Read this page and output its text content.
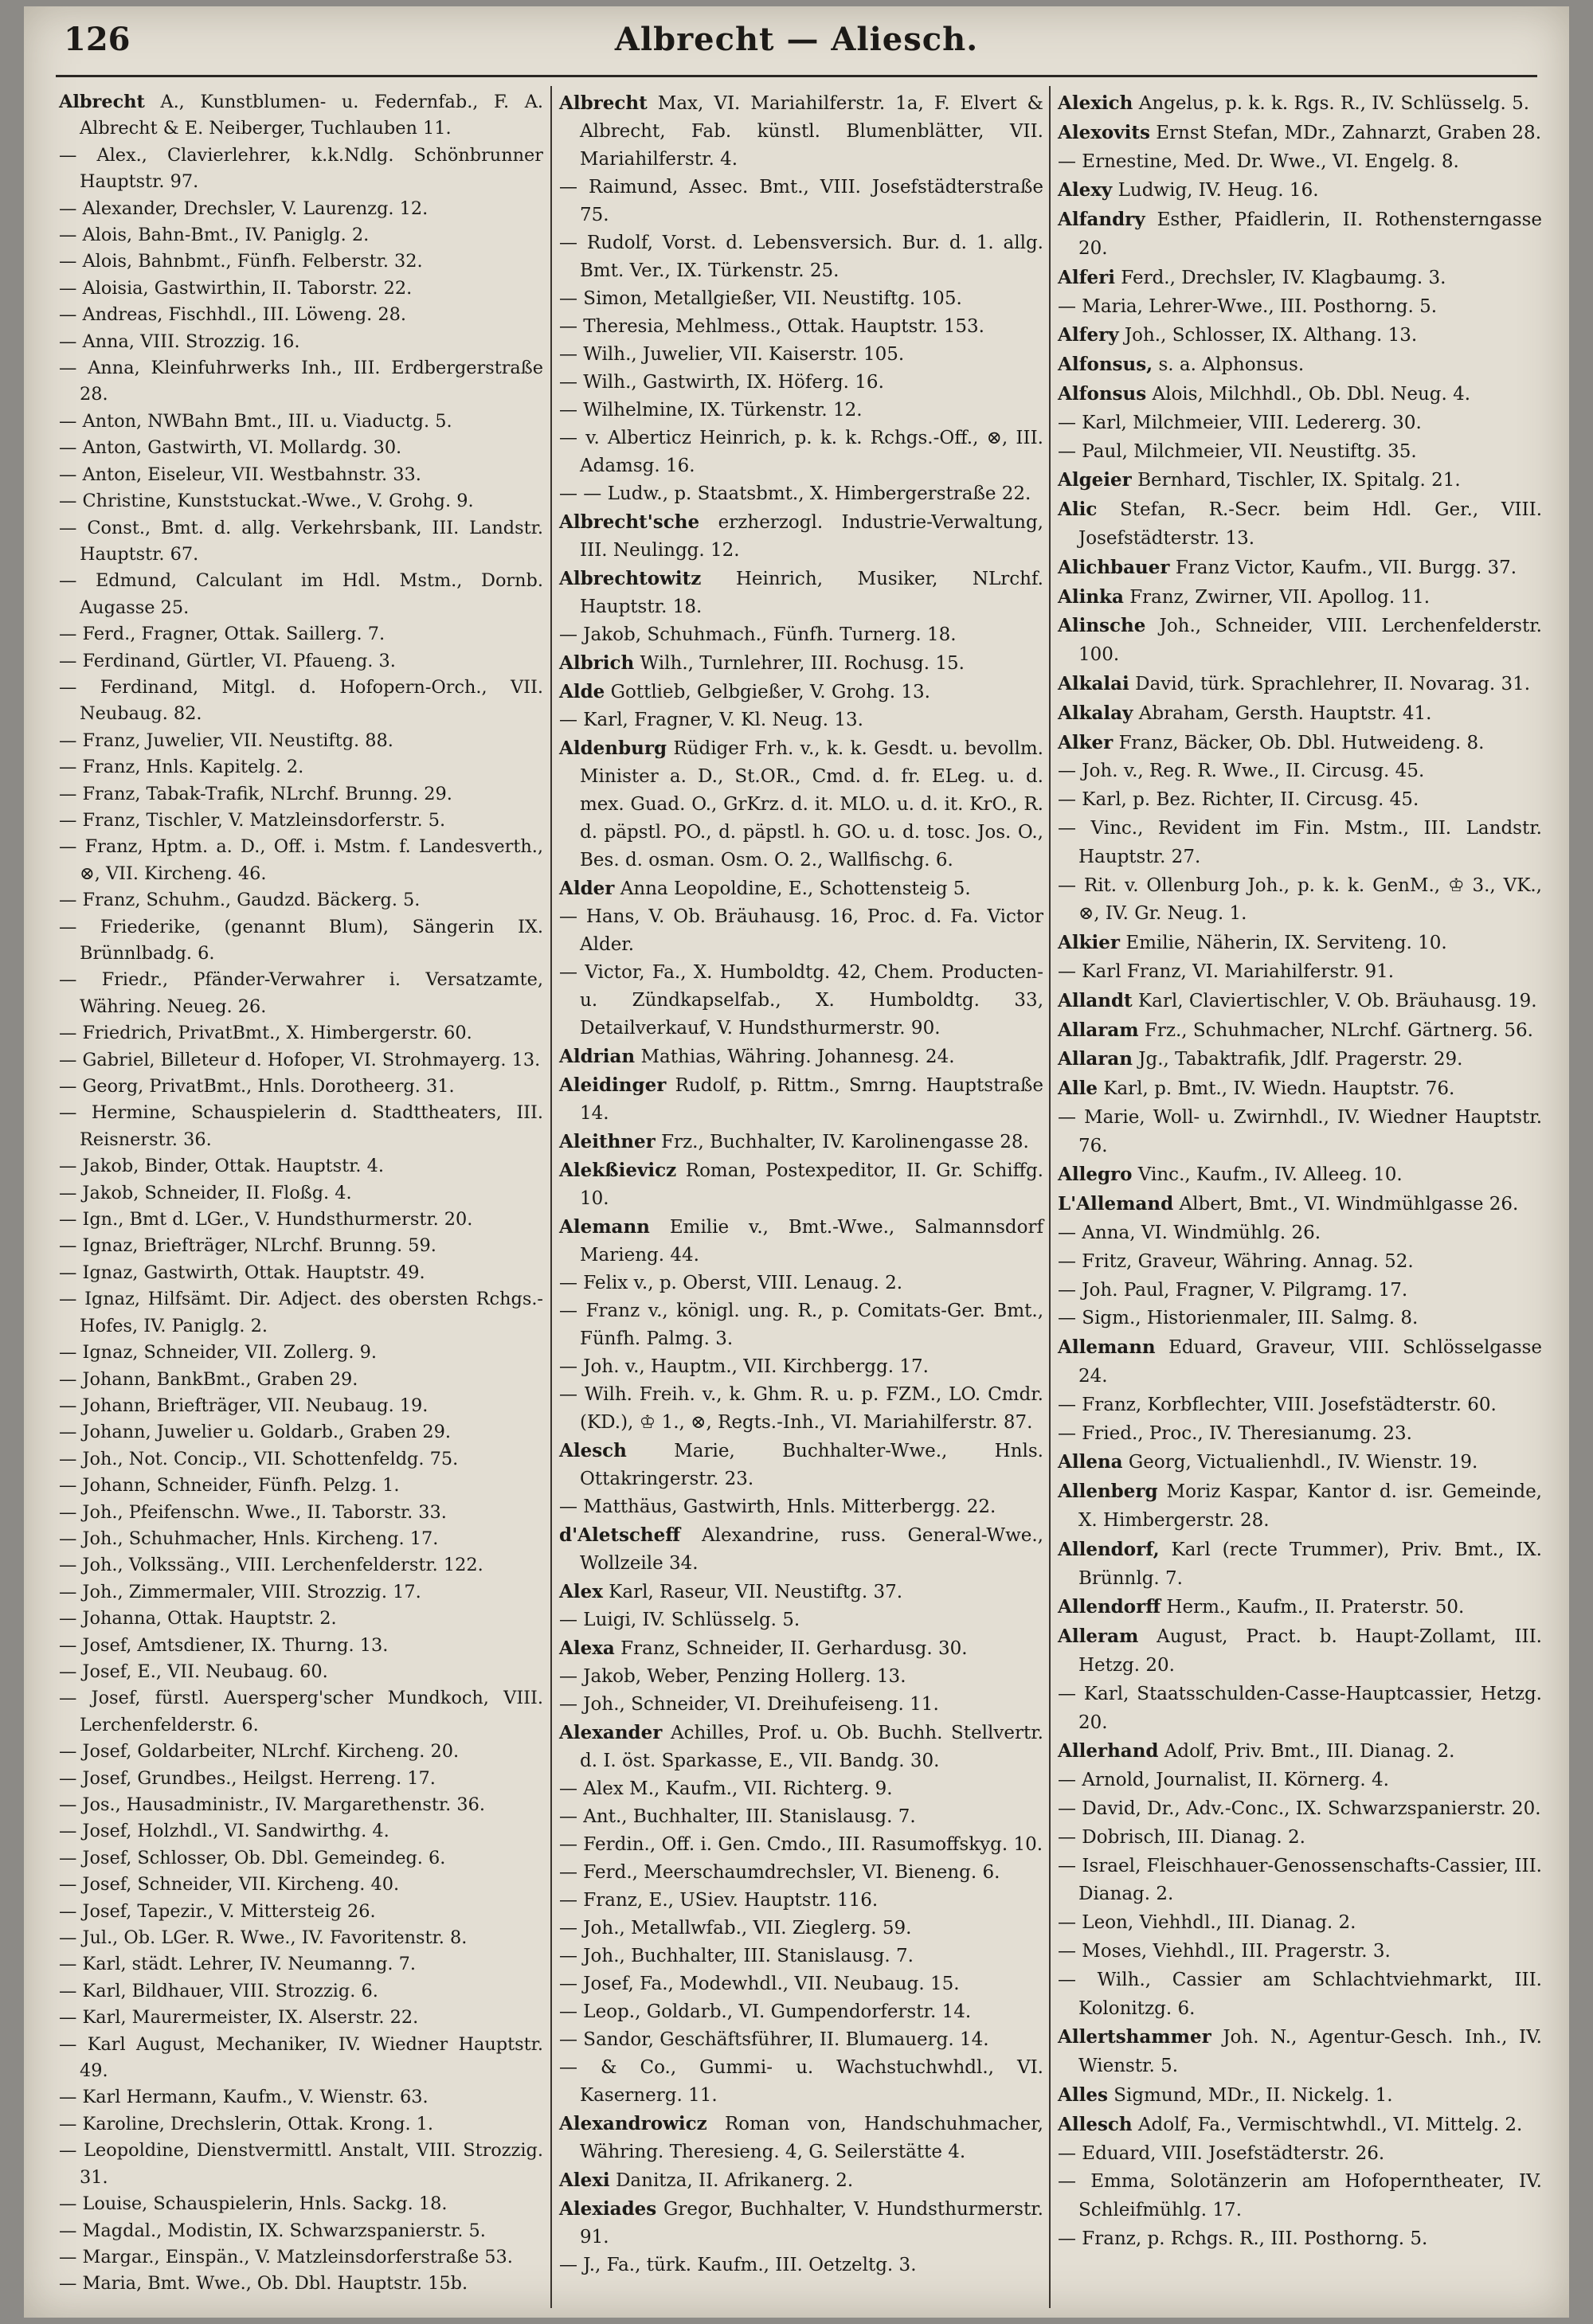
126	Albrecht — Aliesch.
Albrecht A., Kunstblumen- u. Federnfab., F. A. Albrecht & E. Neiberger, Tuchlauben 11.
— Alex., Clavierlehrer, k.k.Ndlg. Schönbrunner Hauptstr. 97.
— Alexander, Drechsler, V. Laurenzg. 12.
— Alois, Bahn-Bmt., IV. Paniglg. 2.
— Alois, Bahnbmt., Fünfh. Felberstr. 32.
— Aloisia, Gastwirthin, II. Taborstr. 22.
— Andreas, Fischhdl., III. Löweng. 28.
— Anna, VIII. Strozzig. 16.
— Anna, Kleinfuhrwerks Inh., III. Erdbergerstraße 28.
— Anton, NWBahn Bmt., III. u. Viaductg. 5.
— Anton, Gastwirth, VI. Mollardg. 30.
— Anton, Eiseleur, VII. Westbahnstr. 33.
— Christine, Kunststuckat.-Wwe., V. Grohg. 9.
— Const., Bmt. d. allg. Verkehrsbank, III. Landstr. Hauptstr. 67.
— Edmund, Calculant im Hdl. Mstm., Dornb. Augasse 25.
— Ferd., Fragner, Ottak. Saillerg. 7.
— Ferdinand, Gürtler, VI. Pfaueng. 3.
— Ferdinand, Mitgl. d. Hofopern-Orch., VII. Neubaug. 82.
— Franz, Juwelier, VII. Neustiftg. 88.
— Franz, Hnls. Kapitelg. 2.
— Franz, Tabak-Trafik, NLrchf. Brunng. 29.
— Franz, Tischler, V. Matzleinsdorferstr. 5.
— Franz, Hptm. a. D., Off. i. Mstm. f. Landesverth., ⊗, VII. Kircheng. 46.
— Franz, Schuhm., Gaudzd. Bäckerg. 5.
— Friederike, (genannt Blum), Sängerin IX. Brünnlbadg. 6.
— Friedr., Pfänder-Verwahrer i. Versatzamte, Währing. Neueg. 26.
— Friedrich, PrivatBmt., X. Himbergerstr. 60.
— Gabriel, Billeteur d. Hofoper, VI. Strohmayerg. 13.
— Georg, PrivatBmt., Hnls. Dorotheerg. 31.
— Hermine, Schauspielerin d. Stadttheaters, III. Reisnerstr. 36.
— Jakob, Binder, Ottak. Hauptstr. 4.
— Jakob, Schneider, II. Floßg. 4.
— Ign., Bmt d. LGer., V. Hundsthurmerstr. 20.
— Ignaz, Briefträger, NLrchf. Brunng. 59.
— Ignaz, Gastwirth, Ottak. Hauptstr. 49.
— Ignaz, Hilfsämt. Dir. Adject. des obersten Rchgs.-Hofes, IV. Paniglg. 2.
— Ignaz, Schneider, VII. Zollerg. 9.
— Johann, BankBmt., Graben 29.
— Johann, Briefträger, VII. Neubaug. 19.
— Johann, Juwelier u. Goldarb., Graben 29.
— Joh., Not. Concip., VII. Schottenfeldg. 75.
— Johann, Schneider, Fünfh. Pelzg. 1.
— Joh., Pfeifenschn. Wwe., II. Taborstr. 33.
— Joh., Schuhmacher, Hnls. Kircheng. 17.
— Joh., Volkssäng., VIII. Lerchenfelderstr. 122.
— Joh., Zimmermaler, VIII. Strozzig. 17.
— Johanna, Ottak. Hauptstr. 2.
— Josef, Amtsdiener, IX. Thurng. 13.
— Josef, E., VII. Neubaug. 60.
— Josef, fürstl. Auersperg'scher Mundkoch, VIII. Lerchenfelderstr. 6.
— Josef, Goldarbeiter, NLrchf. Kircheng. 20.
— Josef, Grundbes., Heilgst. Herreng. 17.
— Jos., Hausadministr., IV. Margarethenstr. 36.
— Josef, Holzhdl., VI. Sandwirthg. 4.
— Josef, Schlosser, Ob. Dbl. Gemeindeg. 6.
— Josef, Schneider, VII. Kircheng. 40.
— Josef, Tapezir., V. Mittersteig 26.
— Jul., Ob. LGer. R. Wwe., IV. Favoritenstr. 8.
— Karl, städt. Lehrer, IV. Neumanng. 7.
— Karl, Bildhauer, VIII. Strozzig. 6.
— Karl, Maurermeister, IX. Alserstr. 22.
— Karl August, Mechaniker, IV. Wiedner Hauptstr. 49.
— Karl Hermann, Kaufm., V. Wienstr. 63.
— Karoline, Drechslerin, Ottak. Krong. 1.
— Leopoldine, Dienstvermittl. Anstalt, VIII. Strozzig. 31.
— Louise, Schauspielerin, Hnls. Sackg. 18.
— Magdal., Modistin, IX. Schwarzspanierstr. 5.
— Margar., Einspän., V. Matzleinsdorferstraße 53.
— Maria, Bmt. Wwe., Ob. Dbl. Hauptstr. 15b.
Albrecht Max, VI. Mariahilferstr. 1a, F. Elvert & Albrecht, Fab. künstl. Blumenblätter, VII. Mariahilferstr. 4.
— Raimund, Assec. Bmt., VIII. Josefstädterstraße 75.
— Rudolf, Vorst. d. Lebensversich. Bur. d. 1. allg. Bmt. Ver., IX. Türkenstr. 25.
— Simon, Metallgießer, VII. Neustiftg. 105.
— Theresia, Mehlmess., Ottak. Hauptstr. 153.
— Wilh., Juwelier, VII. Kaiserstr. 105.
— Wilh., Gastwirth, IX. Höferg. 16.
— Wilhelmine, IX. Türkenstr. 12.
— v. Alberticz Heinrich, p. k. k. Rchgs.-Off., ⊗, III. Adamsg. 16.
— — Ludw., p. Staatsbmt., X. Himbergerstraße 22.
Albrecht'sche erzherzogl. Industrie-Verwaltung, III. Neulingg. 12.
Albrechtowitz Heinrich, Musiker, NLrchf. Hauptstr. 18.
— Jakob, Schuhmach., Fünfh. Turnerg. 18.
Albrich Wilh., Turnlehrer, III. Rochusg. 15.
Alde Gottlieb, Gelbgießer, V. Grohg. 13.
— Karl, Fragner, V. Kl. Neug. 13.
Aldenburg Rüdiger Frh. v., k. k. Gesdt. u. bevollm. Minister a. D., St.OR., Cmd. d. fr. ELeg. u. d. mex. Guad. O., GrKrz. d. it. MLO. u. d. it. KrO., R. d. päpstl. PO., d. päpstl. h. GO. u. d. tosc. Jos. O., Bes. d. osman. Osm. O. 2., Wallfischg. 6.
Alder Anna Leopoldine, E., Schottensteig 5.
— Hans, V. Ob. Bräuhausg. 16, Proc. d. Fa. Victor Alder.
— Victor, Fa., X. Humboldtg. 42, Chem. Producten- u. Zündkapselfab., X. Humboldtg. 33, Detailverkauf, V. Hundsthurmerstr. 90.
Aldrian Mathias, Währing. Johannesg. 24.
Aleidinger Rudolf, p. Rittm., Smrng. Hauptstraße 14.
Aleithner Frz., Buchhalter, IV. Karolinengasse 28.
Alekßievicz Roman, Postexpeditor, II. Gr. Schiffg. 10.
Alemann Emilie v., Bmt.-Wwe., Salmannsdorf Marieng. 44.
— Felix v., p. Oberst, VIII. Lenaug. 2.
— Franz v., königl. ung. R., p. Comitats-Ger. Bmt., Fünfh. Palmg. 3.
— Joh. v., Hauptm., VII. Kirchbergg. 17.
— Wilh. Freih. v., k. Ghm. R. u. p. FZM., LO. Cmdr. (KD.), ♔ 1., ⊗, Regts.-Inh., VI. Mariahilferstr. 87.
Alesch Marie, Buchhalter-Wwe., Hnls. Ottakringerstr. 23.
— Matthäus, Gastwirth, Hnls. Mitterbergg. 22.
d'Aletscheff Alexandrine, russ. General-Wwe., Wollzeile 34.
Alex Karl, Raseur, VII. Neustiftg. 37.
— Luigi, IV. Schlüsselg. 5.
Alexa Franz, Schneider, II. Gerhardusg. 30.
— Jakob, Weber, Penzing Hollerg. 13.
— Joh., Schneider, VI. Dreihufeiseng. 11.
Alexander Achilles, Prof. u. Ob. Buchh. Stellvertr. d. I. öst. Sparkasse, E., VII. Bandg. 30.
— Alex M., Kaufm., VII. Richterg. 9.
— Ant., Buchhalter, III. Stanislausg. 7.
— Ferdin., Off. i. Gen. Cmdo., III. Rasumoffskyg. 10.
— Ferd., Meerschaumdrechsler, VI. Bieneng. 6.
— Franz, E., USiev. Hauptstr. 116.
— Joh., Metallwfab., VII. Zieglerg. 59.
— Joh., Buchhalter, III. Stanislausg. 7.
— Josef, Fa., Modewhdl., VII. Neubaug. 15.
— Leop., Goldarb., VI. Gumpendorferstr. 14.
— Sandor, Geschäftsführer, II. Blumauerg. 14.
— & Co., Gummi- u. Wachstuchwhdl., VI. Kasernerg. 11.
Alexandrowicz Roman von, Handschuhmacher, Währing. Theresieng. 4, G. Seilerstätte 4.
Alexi Danitza, II. Afrikanerg. 2.
Alexiades Gregor, Buchhalter, V. Hundsthurmerstr. 91.
— J., Fa., türk. Kaufm., III. Oetzeltg. 3.
Alexich Angelus, p. k. k. Rgs. R., IV. Schlüsselg. 5.
Alexovits Ernst Stefan, MDr., Zahnarzt, Graben 28.
— Ernestine, Med. Dr. Wwe., VI. Engelg. 8.
Alexy Ludwig, IV. Heug. 16.
Alfandry Esther, Pfaidlerin, II. Rothensterngasse 20.
Alferi Ferd., Drechsler, IV. Klagbaumg. 3.
— Maria, Lehrer-Wwe., III. Posthorng. 5.
Alfery Joh., Schlosser, IX. Althang. 13.
Alfonsus, s. a. Alphonsus.
Alfonsus Alois, Milchhdl., Ob. Dbl. Neug. 4.
— Karl, Milchmeier, VIII. Ledererg. 30.
— Paul, Milchmeier, VII. Neustiftg. 35.
Algeier Bernhard, Tischler, IX. Spitalg. 21.
Alic Stefan, R.-Secr. beim Hdl. Ger., VIII. Josefstädterstr. 13.
Alichbauer Franz Victor, Kaufm., VII. Burgg. 37.
Alinka Franz, Zwirner, VII. Apollog. 11.
Alinsche Joh., Schneider, VIII. Lerchenfelderstr. 100.
Alkalai David, türk. Sprachlehrer, II. Novarag. 31.
Alkalay Abraham, Gersth. Hauptstr. 41.
Alker Franz, Bäcker, Ob. Dbl. Hutweideng. 8.
— Joh. v., Reg. R. Wwe., II. Circusg. 45.
— Karl, p. Bez. Richter, II. Circusg. 45.
— Vinc., Revident im Fin. Mstm., III. Landstr. Hauptstr. 27.
— Rit. v. Ollenburg Joh., p. k. k. GenM., ♔ 3., VK., ⊗, IV. Gr. Neug. 1.
Alkier Emilie, Näherin, IX. Serviteng. 10.
— Karl Franz, VI. Mariahilferstr. 91.
Allandt Karl, Claviertischler, V. Ob. Bräuhausg. 19.
Allaram Frz., Schuhmacher, NLrchf. Gärtnerg. 56.
Allaran Jg., Tabaktrafik, Jdlf. Pragerstr. 29.
Alle Karl, p. Bmt., IV. Wiedn. Hauptstr. 76.
— Marie, Woll- u. Zwirnhdl., IV. Wiedner Hauptstr. 76.
Allegro Vinc., Kaufm., IV. Alleeg. 10.
L'Allemand Albert, Bmt., VI. Windmühlgasse 26.
— Anna, VI. Windmühlg. 26.
— Fritz, Graveur, Währing. Annag. 52.
— Joh. Paul, Fragner, V. Pilgramg. 17.
— Sigm., Historienmaler, III. Salmg. 8.
Allemann Eduard, Graveur, VIII. Schlösselgasse 24.
— Franz, Korbflechter, VIII. Josefstädterstr. 60.
— Fried., Proc., IV. Theresianumg. 23.
Allena Georg, Victualienhdl., IV. Wienstr. 19.
Allenberg Moriz Kaspar, Kantor d. isr. Gemeinde, X. Himbergerstr. 28.
Allendorf, Karl (recte Trummer), Priv. Bmt., IX. Brünnlg. 7.
Allendorff Herm., Kaufm., II. Praterstr. 50.
Alleram August, Pract. b. Haupt-Zollamt, III. Hetzg. 20.
— Karl, Staatsschulden-Casse-Hauptcassier, Hetzg. 20.
Allerhand Adolf, Priv. Bmt., III. Dianag. 2.
— Arnold, Journalist, II. Körnerg. 4.
— David, Dr., Adv.-Conc., IX. Schwarzspanierstr. 20.
— Dobrisch, III. Dianag. 2.
— Israel, Fleischhauer-Genossenschafts-Cassier, III. Dianag. 2.
— Leon, Viehhdl., III. Dianag. 2.
— Moses, Viehhdl., III. Pragerstr. 3.
— Wilh., Cassier am Schlachtviehmarkt, III. Kolonitzg. 6.
Allertshammer Joh. N., Agentur-Gesch. Inh., IV. Wienstr. 5.
Alles Sigmund, MDr., II. Nickelg. 1.
Allesch Adolf, Fa., Vermischtwhdl., VI. Mittelg. 2.
— Eduard, VIII. Josefstädterstr. 26.
— Emma, Solotänzerin am Hofoperntheater, IV. Schleifmühlg. 17.
— Franz, p. Rchgs. R., III. Posthorng. 5.
